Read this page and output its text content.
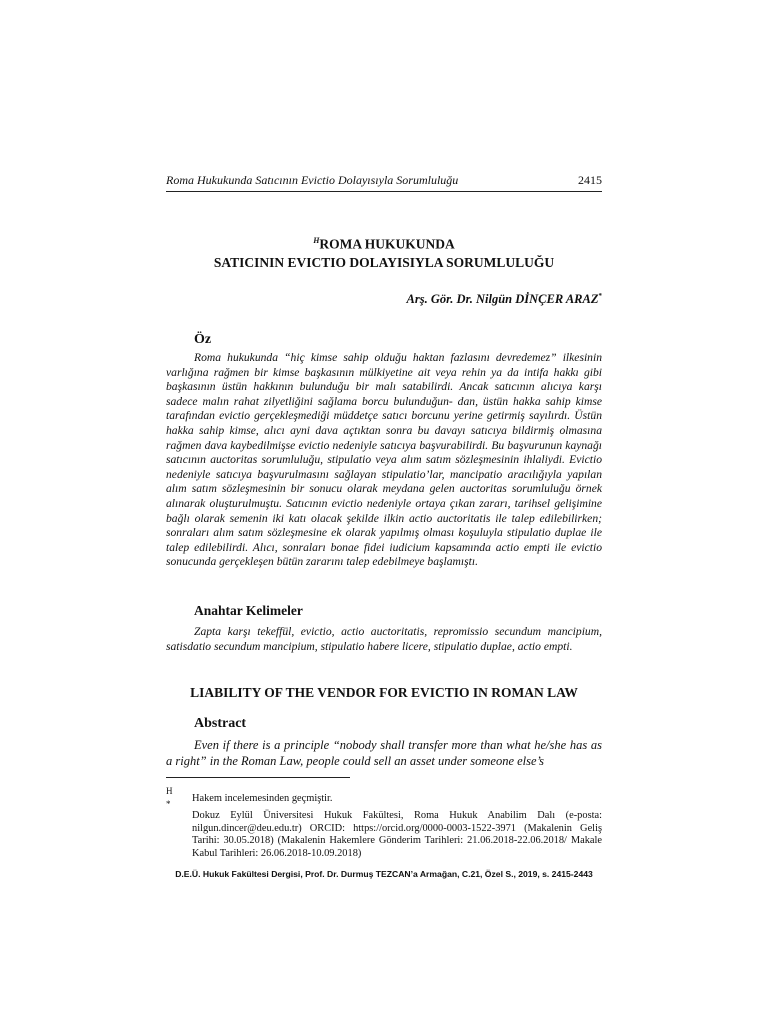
Roma Hukukunda Satıcının Evictio Dolayısıyla Sorumluluğu	2415
$^H$ROMA HUKUKUNDA
SATICININ EVICTIO DOLAYISIYLA SORUMLULUĞU
Arş. Gör. Dr. Nilgün DİNÇER ARAZ*
Öz
Roma hukukunda “hiç kimse sahip olduğu haktan fazlasını devredemez” ilkesinin varlığına rağmen bir kimse başkasının mülkiyetine ait veya rehin ya da intifa hakkı gibi başkasının üstün hakkının bulunduğu bir malı satabilirdi. Ancak satıcının alıcıya karşı sadece malın rahat zilyetliğini sağlama borcu bulunduğun- dan, üstün hakka sahip kimse tarafından evictio gerçekleşmediği müddetçe satıcı borcunu yerine getirmiş sayılırdı. Üstün hakka sahip kimse, alıcı ayni dava açtıktan sonra bu davayı satıcıya bildirmiş olmasına rağmen dava kaybedilmişse evictio nedeniyle satıcıya başvurabilirdi. Bu başvurunun kaynağı satıcının auctoritas sorumluluğu, stipulatio veya alım satım sözleşmesinin ihlaliydi. Evictio nedeniyle satıcıya başvurulmasını sağlayan stipulatio’lar, mancipatio aracılığıyla yapılan alım satım sözleşmesinin bir sonucu olarak meydana gelen auctoritas sorumluluğu örnek alınarak oluşturulmuştu. Satıcının evictio nedeniyle ortaya çıkan zararı, tarihsel gelişimine bağlı olarak semenin iki katı olacak şekilde ilkin actio auctoritatis ile talep edilebilirken; sonraları alım satım sözleşmesine ek olarak yapılmış olması koşuluyla stipulatio duplae ile talep edilebilirdi. Alıcı, sonraları bonae fidei iudicium kapsamında actio empti ile evictio sonucunda gerçekleşen bütün zararını talep edebilmeye başlamıştı.
Anahtar Kelimeler
Zapta karşı tekeffül, evictio, actio auctoritatis, repromissio secundum mancipium, satisdatio secundum mancipium, stipulatio habere licere, stipulatio duplae, actio empti.
LIABILITY OF THE VENDOR FOR EVICTIO IN ROMAN LAW
Abstract
Even if there is a principle “nobody shall transfer more than what he/she has as a right” in the Roman Law, people could sell an asset under someone else’s
H
* Hakem incelemesinden geçmiştir.
Dokuz Eylül Üniversitesi Hukuk Fakültesi, Roma Hukuk Anabilim Dalı (e-posta: nilgun.dincer@deu.edu.tr) ORCID: https://orcid.org/0000-0003-1522-3971 (Makalenin Geliş Tarihi: 30.05.2018) (Makalenin Hakemlere Gönderim Tarihleri: 21.06.2018-22.06.2018/ Makale Kabul Tarihleri: 26.06.2018-10.09.2018)
D.E.Ü. Hukuk Fakültesi Dergisi, Prof. Dr. Durmuş TEZCAN’a Armağan, C.21, Özel S., 2019, s. 2415-2443
